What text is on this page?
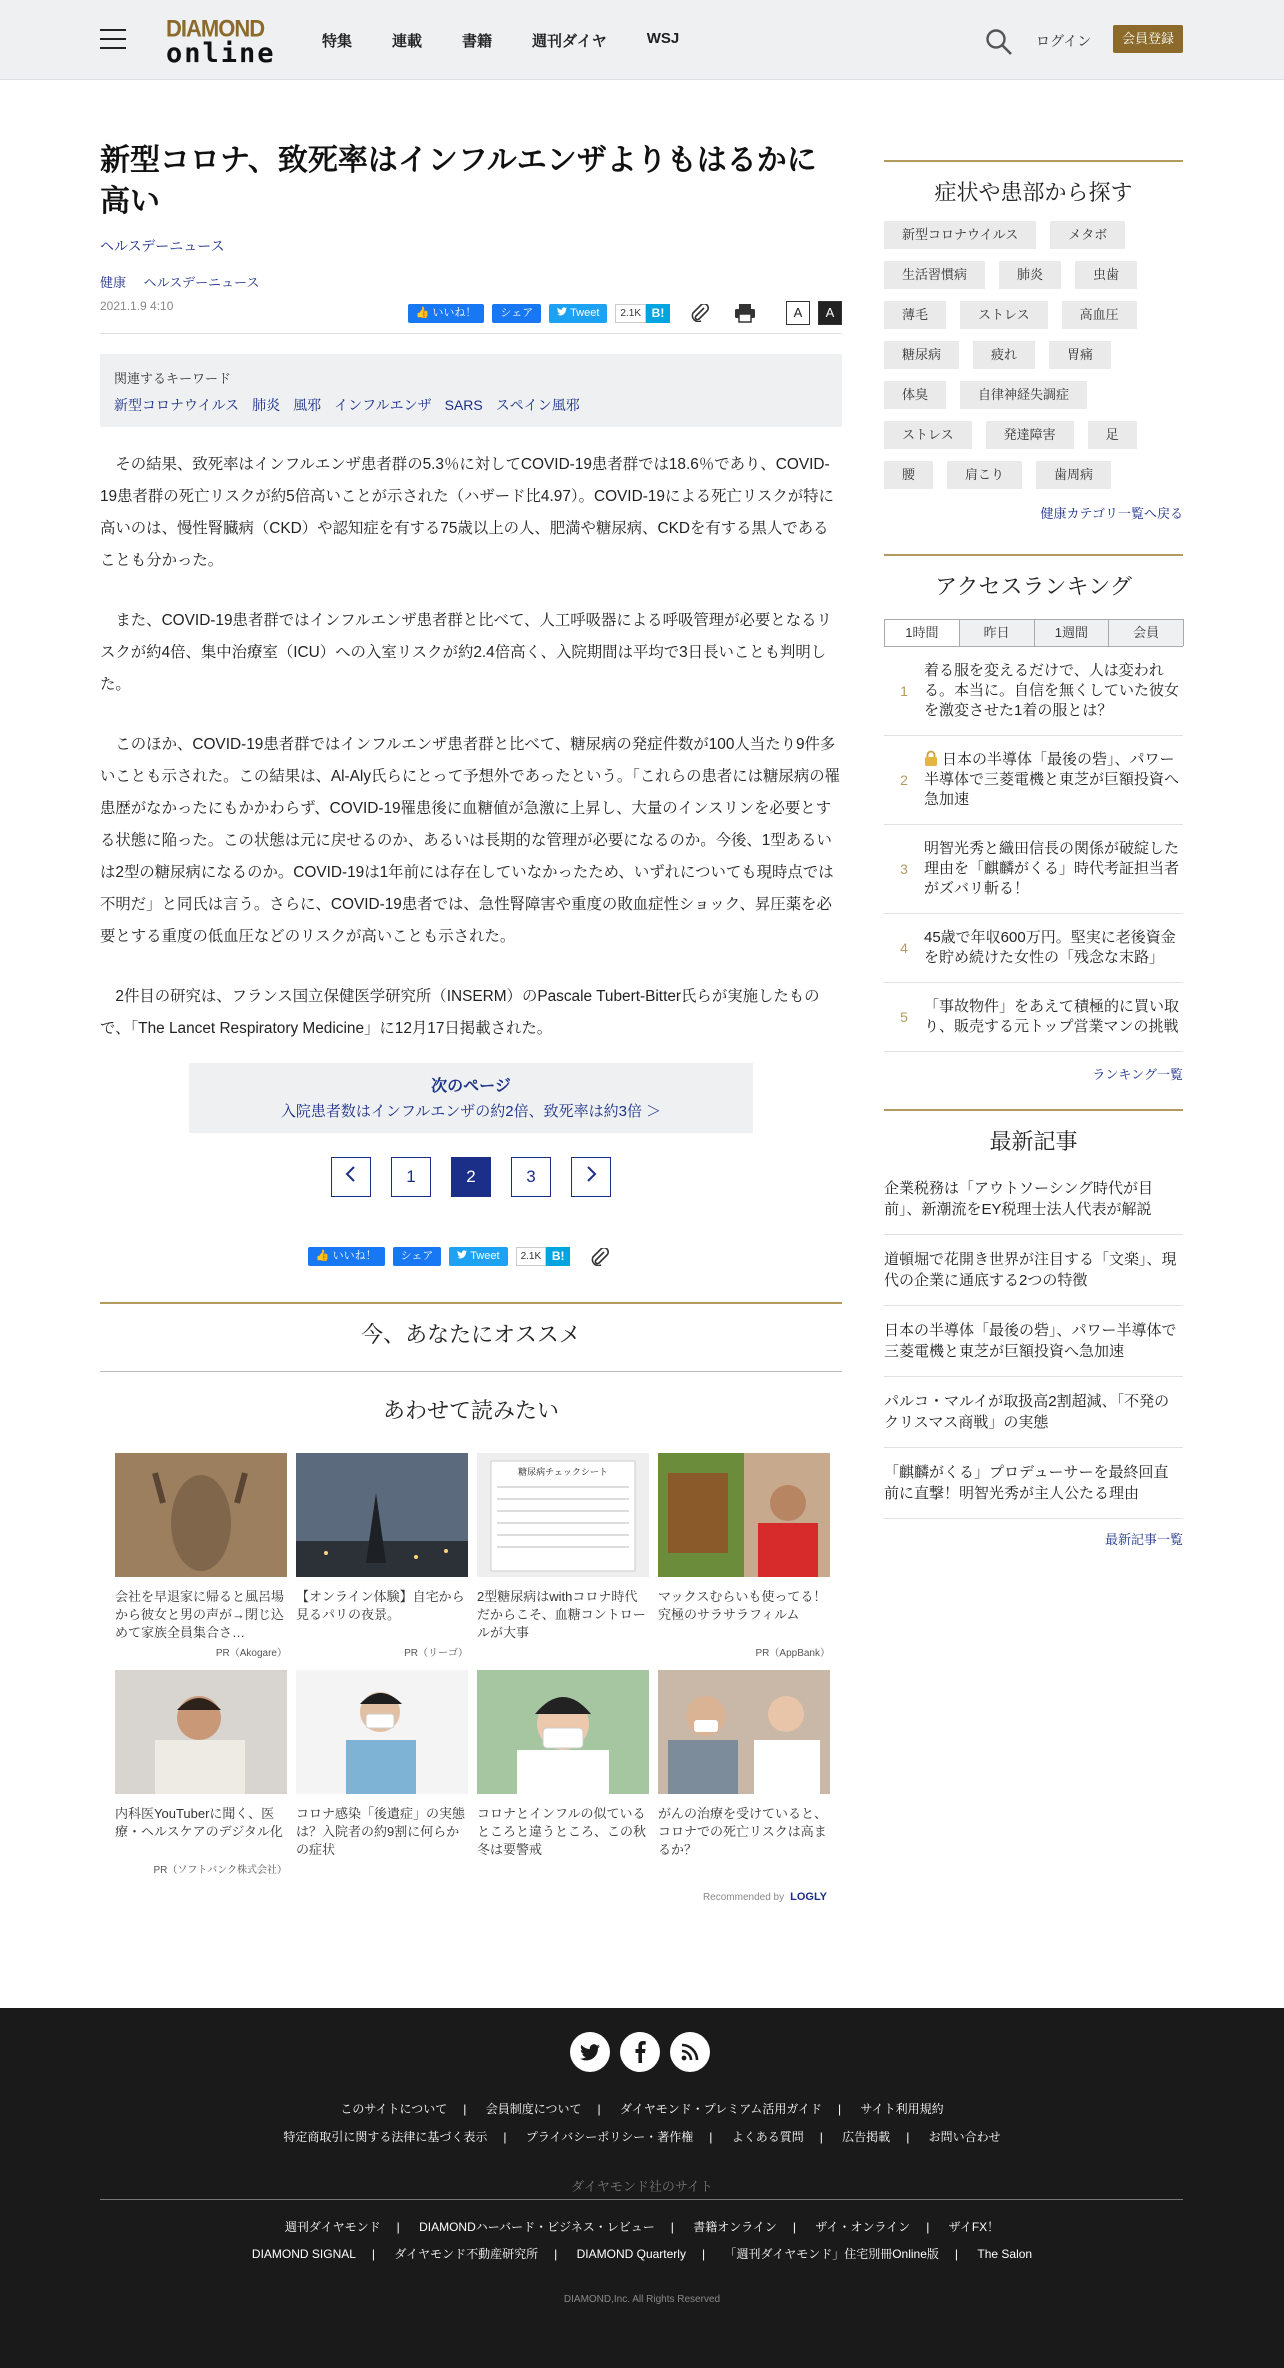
DIAMOND
online	特集	連載	書籍	週刊ダイヤ	WSJ	ログイン	会員登録
新型コロナ、致死率はインフルエンザよりもはるかに高い
ヘルスデーニュース
健康 ヘルスデーニュース
2021.1.9 4:10	👍 いいね！	シェア	Tweet	2.1K B!	A	A
関連するキーワード
新型コロナウイルス 肺炎 風邪 インフルエンザ SARS スペイン風邪

その結果、致死率はインフルエンザ患者群の5.3％に対してCOVID-19患者群では18.6％であり、COVID-19患者群の死亡リスクが約5倍高いことが示された（ハザード比4.97）。COVID-19による死亡リスクが特に高いのは、慢性腎臓病（CKD）や認知症を有する75歳以上の人、肥満や糖尿病、CKDを有する黒人であることも分かった。

また、COVID-19患者群ではインフルエンザ患者群と比べて、人工呼吸器による呼吸管理が必要となるリスクが約4倍、集中治療室（ICU）への入室リスクが約2.4倍高く、入院期間は平均で3日長いことも判明した。

このほか、COVID-19患者群ではインフルエンザ患者群と比べて、糖尿病の発症件数が100人当たり9件多いことも示された。この結果は、Al-Aly氏らにとって予想外であったという。「これらの患者には糖尿病の罹患歴がなかったにもかかわらず、COVID-19罹患後に血糖値が急激に上昇し、大量のインスリンを必要とする状態に陥った。この状態は元に戻せるのか、あるいは長期的な管理が必要になるのか。今後、1型あるいは2型の糖尿病になるのか。COVID-19は1年前には存在していなかったため、いずれについても現時点では不明だ」と同氏は言う。さらに、COVID-19患者では、急性腎障害や重度の敗血症性ショック、昇圧薬を必要とする重度の低血圧などのリスクが高いことも示された。

2件目の研究は、フランス国立保健医学研究所（INSERM）のPascale Tubert-Bitter氏らが実施したもので、「The Lancet Respiratory Medicine」に12月17日掲載された。

次のページ
入院患者数はインフルエンザの約2倍、致死率は約3倍 ＞
1	2	3
👍 いいね！	シェア	Tweet	2.1K B!
今、あなたにオススメ
あわせて読みたい
会社を早退家に帰ると風呂場から彼女と男の声が→閉じ込めて家族全員集合さ…
PR（Akogare）
【オンライン体験】自宅から見るパリの夜景。
PR（リーゴ）
糖尿病チェックシート
2型糖尿病はwithコロナ時代だからこそ、血糖コントロールが大事
マックスむらいも使ってる！究極のサラサラフィルム
PR（AppBank）
内科医YouTuberに聞く、医療・ヘルスケアのデジタル化
PR（ソフトバンク株式会社）
コロナ感染「後遺症」の実態は？入院者の約9割に何らかの症状
コロナとインフルの似ているところと違うところ、この秋冬は要警戒
がんの治療を受けていると、コロナでの死亡リスクは高まるか？
Recommended by LOGLY
症状や患部から探す
新型コロナウイルス	メタボ
生活習慣病	肺炎	虫歯
薄毛	ストレス	高血圧
糖尿病	疲れ	胃痛
体臭	自律神経失調症
ストレス	発達障害	足
腰	肩こり	歯周病
健康カテゴリ一覧へ戻る
アクセスランキング
1時間	昨日	1週間	会員
1
着る服を変えるだけで、人は変われる。本当に。自信を無くしていた彼女を激変させた1着の服とは？
2
日本の半導体「最後の砦」、パワー半導体で三菱電機と東芝が巨額投資へ急加速
3
明智光秀と織田信長の関係が破綻した理由を「麒麟がくる」時代考証担当者がズバリ斬る！
4
45歳で年収600万円。堅実に老後資金を貯め続けた女性の「残念な末路」
5
「事故物件」をあえて積極的に買い取り、販売する元トップ営業マンの挑戦
ランキング一覧
最新記事
企業税務は「アウトソーシング時代が目前」、新潮流をEY税理士法人代表が解説
道頓堀で花開き世界が注目する「文楽」、現代の企業に通底する2つの特徴
日本の半導体「最後の砦」、パワー半導体で三菱電機と東芝が巨額投資へ急加速
パルコ・マルイが取扱高2割超減、「不発のクリスマス商戦」の実態
「麒麟がくる」プロデューサーを最終回直前に直撃！明智光秀が主人公たる理由
最新記事一覧
このサイトについて | 会員制度について | ダイヤモンド・プレミアム活用ガイド | サイト利用規約
特定商取引に関する法律に基づく表示 | プライバシーポリシー・著作権 | よくある質問 | 広告掲載 | お問い合わせ
ダイヤモンド社のサイト
週刊ダイヤモンド | DIAMONDハーバード・ビジネス・レビュー | 書籍オンライン | ザイ・オンライン | ザイFX！
DIAMOND SIGNAL | ダイヤモンド不動産研究所 | DIAMOND Quarterly | 「週刊ダイヤモンド」住宅別冊Online版 | The Salon
DIAMOND,Inc. All Rights Reserved
